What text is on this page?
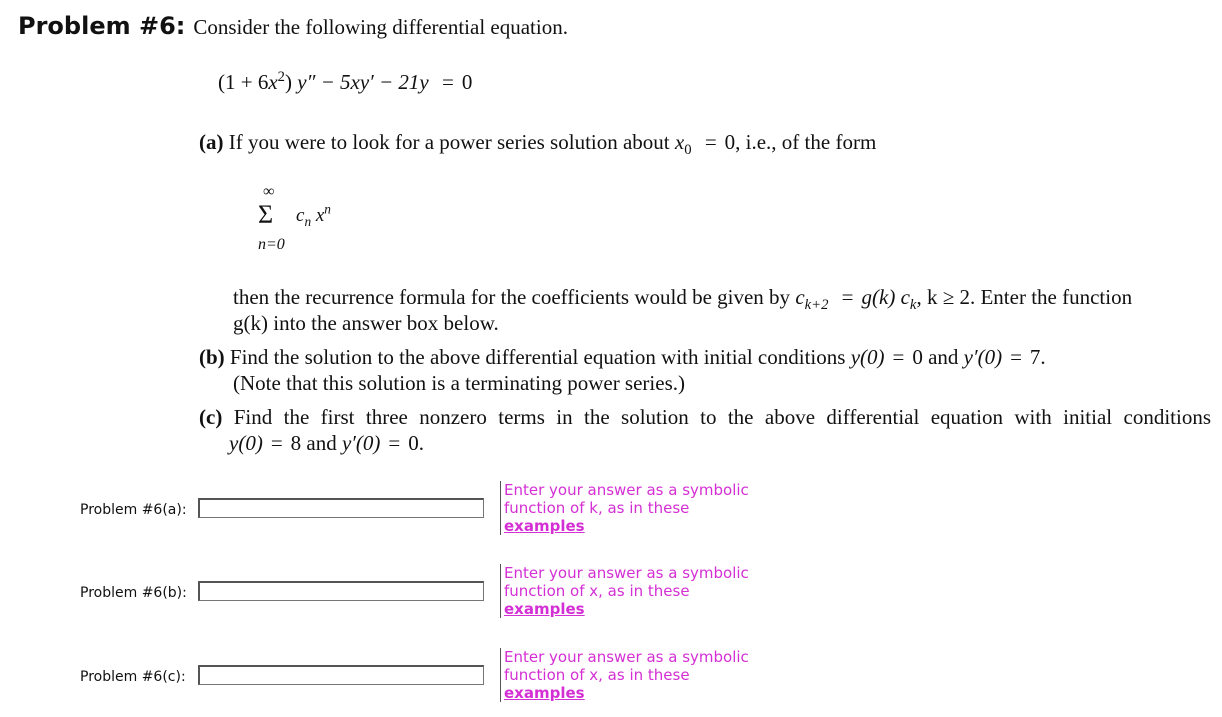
Problem #6: Consider the following differential equation.
$(1 + 6x^2)$ y″ − 5xy′ − 21y = 0
(a) If you were to look for a power series solution about $x_0 = 0$, i.e., of the form
∞
Σ
n=0
$c_n$ $x^n$
then the recurrence formula for the coefficients would be given by $c_{k+2} = g(k)$ $c_k$, k ≥ 2. Enter the function
g(k) into the answer box below.
(b) Find the solution to the above differential equation with initial conditions y(0) = 0 and y′(0) = 7.
(Note that this solution is a terminating power series.)
(c) Find the first three nonzero terms in the solution to the above differential equation with initial conditions
y(0) = 8 and y′(0) = 0.
Problem #6(a):
Enter your answer as a symbolic
function of k, as in these
examples
Problem #6(b):
Enter your answer as a symbolic
function of x, as in these
examples
Problem #6(c):
Enter your answer as a symbolic
function of x, as in these
examples
